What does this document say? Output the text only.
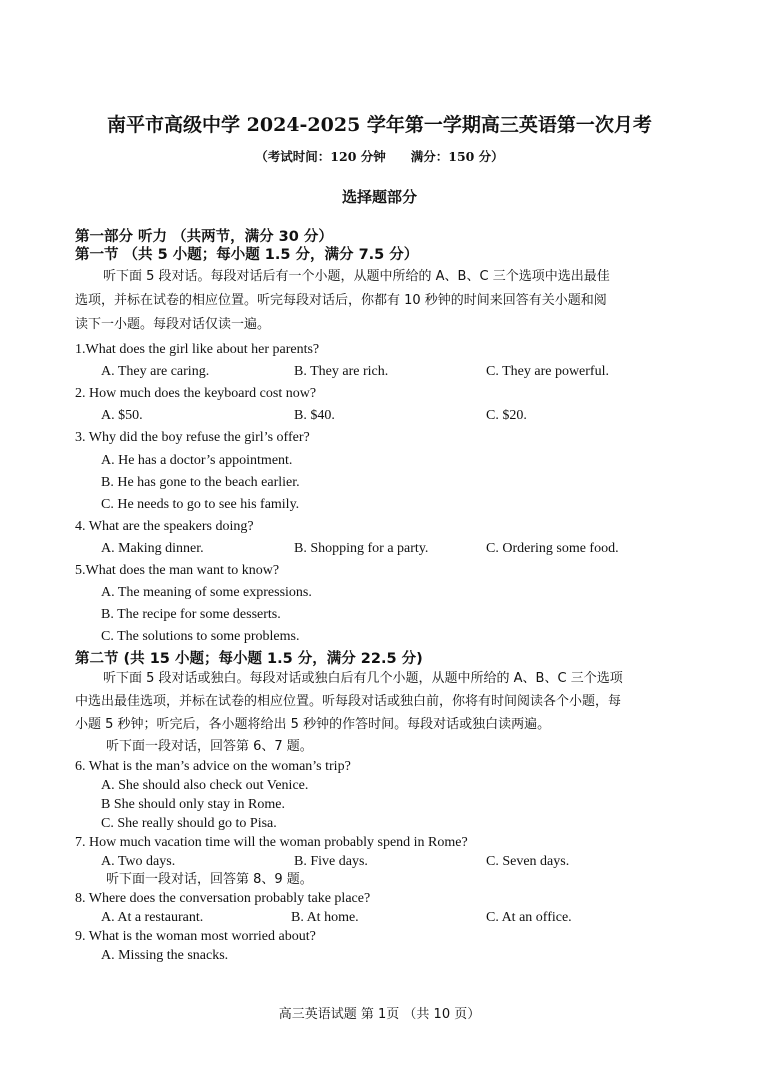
南平市高级中学 2024-2025 学年第一学期高三英语第一次月考
（考试时间：120 分钟　　满分：150 分）
选择题部分
第一部分 听力 （共两节，满分 30 分）
第一节 （共 5 小题；每小题 1.5 分，满分 7.5 分）
听下面 5 段对话。每段对话后有一个小题，从题中所给的 A、B、C 三个选项中选出最佳
选项，并标在试卷的相应位置。听完每段对话后，你都有 10 秒钟的时间来回答有关小题和阅
读下一小题。每段对话仅读一遍。
1.What does the girl like about her parents?
A. They are caring.	B. They are rich.	C. They are powerful.
2. How much does the keyboard cost now?
A. $50.	B. $40.	C. $20.
3. Why did the boy refuse the girl’s offer?
A. He has a doctor’s appointment.
B. He has gone to the beach earlier.
C. He needs to go to see his family.
4. What are the speakers doing?
A. Making dinner.	B. Shopping for a party.	C. Ordering some food.
5.What does the man want to know?
A. The meaning of some expressions.
B. The recipe for some desserts.
C. The solutions to some problems.
第二节 (共 15 小题；每小题 1.5 分，满分 22.5 分)
听下面 5 段对话或独白。每段对话或独白后有几个小题，从题中所给的 A、B、C 三个选项
中选出最佳选项，并标在试卷的相应位置。听每段对话或独白前，你将有时间阅读各个小题，每
小题 5 秒钟；听完后，各小题将给出 5 秒钟的作答时间。每段对话或独白读两遍。
听下面一段对话，回答第 6、7 题。
6. What is the man’s advice on the woman’s trip?
A. She should also check out Venice.
B She should only stay in Rome.
C. She really should go to Pisa.
7. How much vacation time will the woman probably spend in Rome?
A. Two days.	B. Five days.	C. Seven days.
听下面一段对话，回答第 8、9 题。
8. Where does the conversation probably take place?
A. At a restaurant.	B. At home.	C. At an office.
9. What is the woman most worried about?
A. Missing the snacks.
高三英语试题 第 1页 （共 10 页）
